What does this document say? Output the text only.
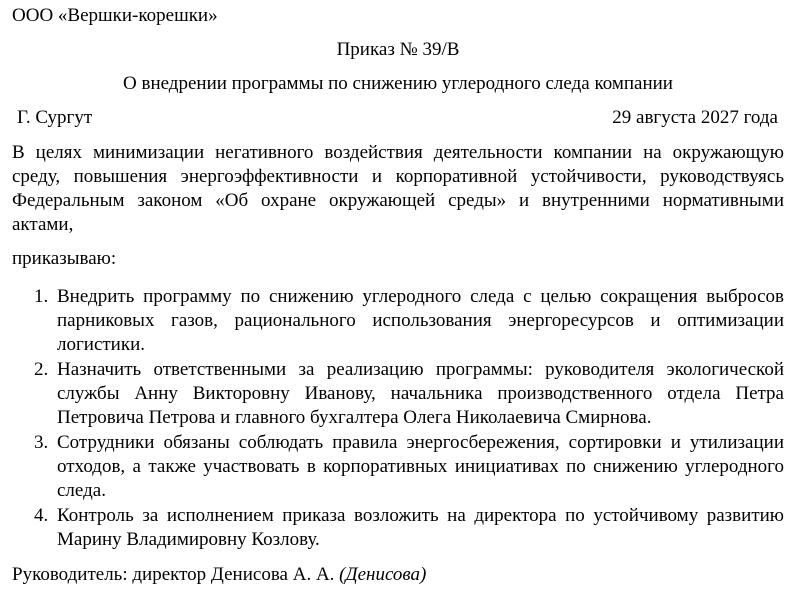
ООО «Вершки-корешки»
Приказ № 39/В
О внедрении программы по снижению углеродного следа компании
Г. Сургут	29 августа 2027 года
В целях минимизации негативного воздействия деятельности компании на окружающую среду, повышения энергоэффективности и корпоративной устойчивости, руководствуясь Федеральным законом «Об охране окружающей среды» и внутренними нормативными актами,
приказываю:
1. Внедрить программу по снижению углеродного следа с целью сокращения выбросов парниковых газов, рационального использования энергоресурсов и оптимизации логистики.
2. Назначить ответственными за реализацию программы: руководителя экологической службы Анну Викторовну Иванову, начальника производственного отдела Петра Петровича Петрова и главного бухгалтера Олега Николаевича Смирнова.
3. Сотрудники обязаны соблюдать правила энергосбережения, сортировки и утилизации отходов, а также участвовать в корпоративных инициативах по снижению углеродного следа.
4. Контроль за исполнением приказа возложить на директора по устойчивому развитию Марину Владимировну Козлову.
Руководитель: директор Денисова А. А. (Денисова)
